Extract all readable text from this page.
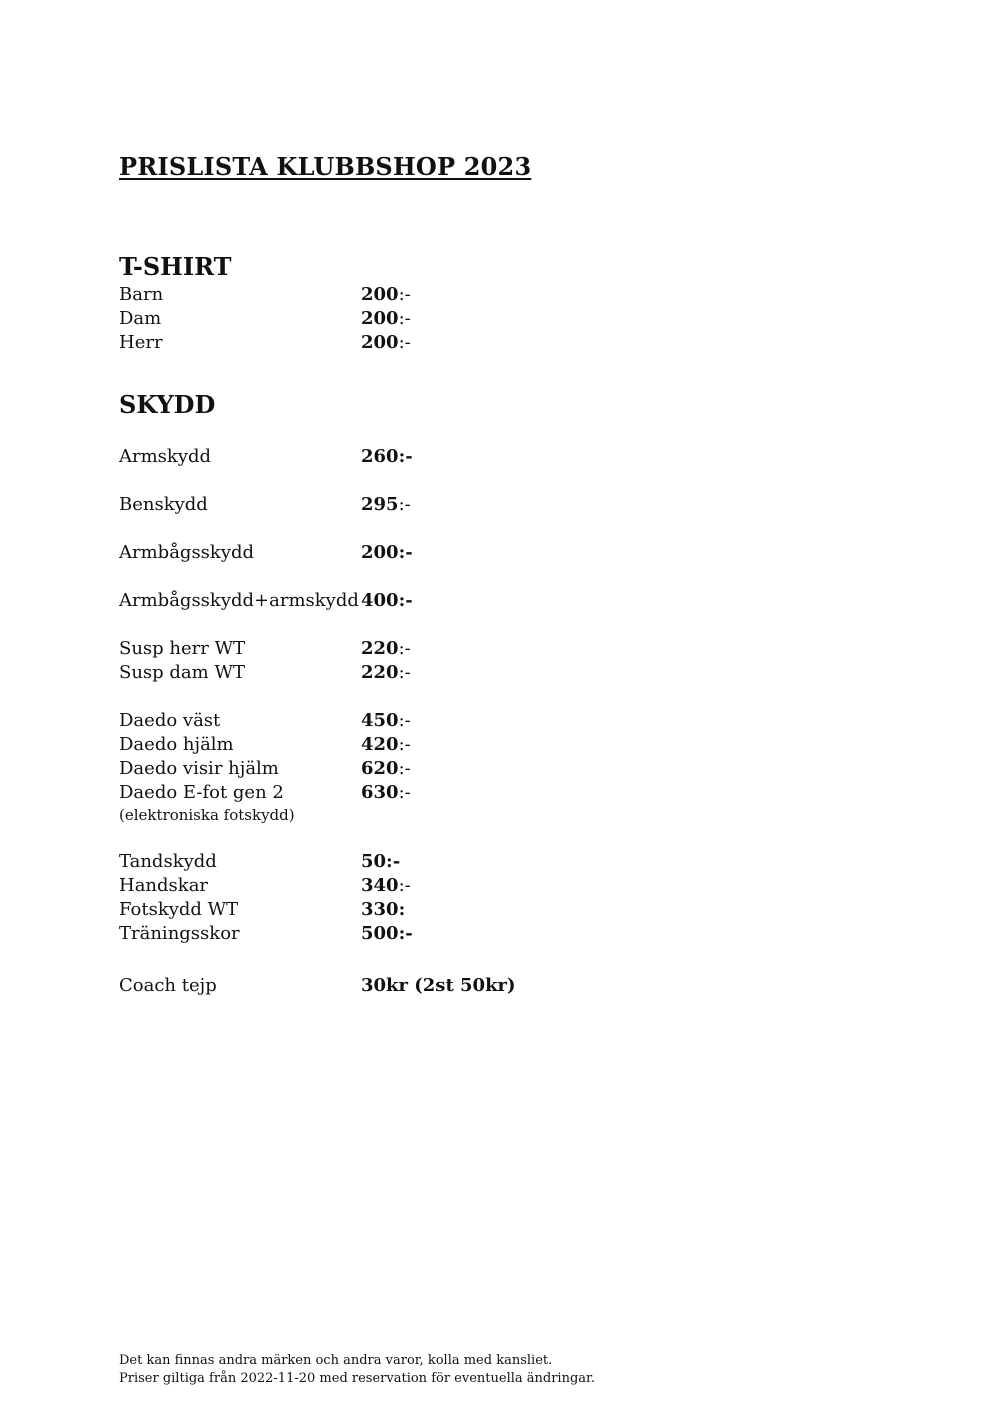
PRISLISTA KLUBBSHOP 2023
T-SHIRT
Barn	200:-
Dam	200:-
Herr	200:-
SKYDD
Armskydd	260:-
Benskydd	295:-
Armbågsskydd	200:-
Armbågsskydd+armskydd 400:-
Susp herr WT	220:-
Susp dam WT	220:-
Daedo väst	450:-
Daedo hjälm	420:-
Daedo visir hjälm	620:-
Daedo E-fot gen 2	630:-
(elektroniska fotskydd)
Tandskydd	50:-
Handskar	340:-
Fotskydd WT	330:
Träningsskor	500:-
Coach tejp	30kr (2st 50kr)
Det kan finnas andra märken och andra varor, kolla med kansliet.
Priser giltiga från 2022-11-20 med reservation för eventuella ändringar.
